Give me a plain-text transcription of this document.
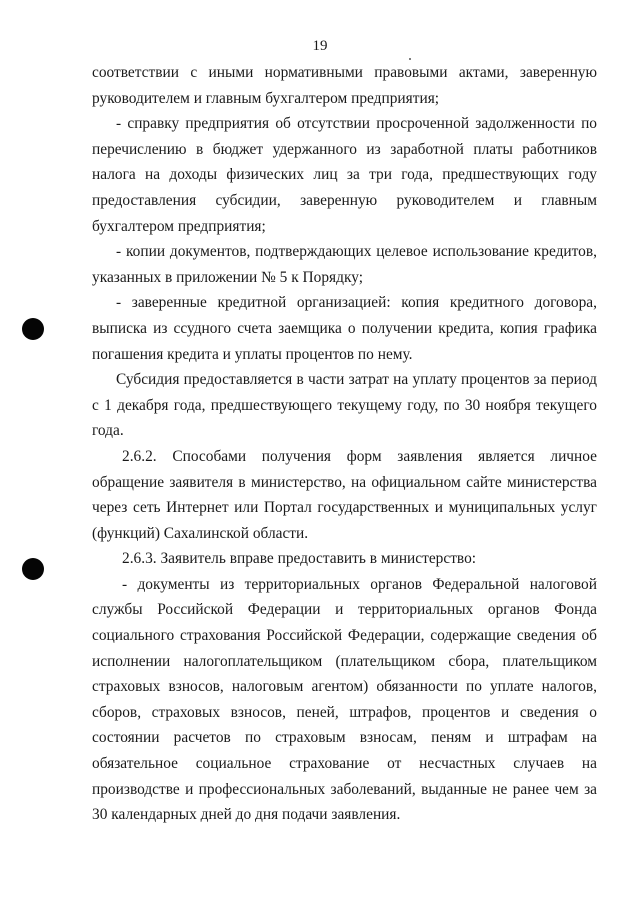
19

соответствии с иными нормативными правовыми актами, заверенную руководителем и главным бухгалтером предприятия;

- справку предприятия об отсутствии просроченной задолженности по перечислению в бюджет удержанного из заработной платы работников налога на доходы физических лиц за три года, предшествующих году предоставления субсидии, заверенную руководителем и главным бухгалтером предприятия;

- копии документов, подтверждающих целевое использование кредитов, указанных в приложении № 5 к Порядку;

- заверенные кредитной организацией: копия кредитного договора, выписка из ссудного счета заемщика о получении кредита, копия графика погашения кредита и уплаты процентов по нему.

Субсидия предоставляется в части затрат на уплату процентов за период с 1 декабря года, предшествующего текущему году, по 30 ноября текущего года.

2.6.2. Способами получения форм заявления является личное обращение заявителя в министерство, на официальном сайте министерства через сеть Интернет или Портал государственных и муниципальных услуг (функций) Сахалинской области.

2.6.3. Заявитель вправе предоставить в министерство:

- документы из территориальных органов Федеральной налоговой службы Российской Федерации и территориальных органов Фонда социального страхования Российской Федерации, содержащие сведения об исполнении налогоплательщиком (плательщиком сбора, плательщиком страховых взносов, налоговым агентом) обязанности по уплате налогов, сборов, страховых взносов, пеней, штрафов, процентов и сведения о состоянии расчетов по страховым взносам, пеням и штрафам на обязательное социальное страхование от несчастных случаев на производстве и профессиональных заболеваний, выданные не ранее чем за 30 календарных дней до дня подачи заявления.
